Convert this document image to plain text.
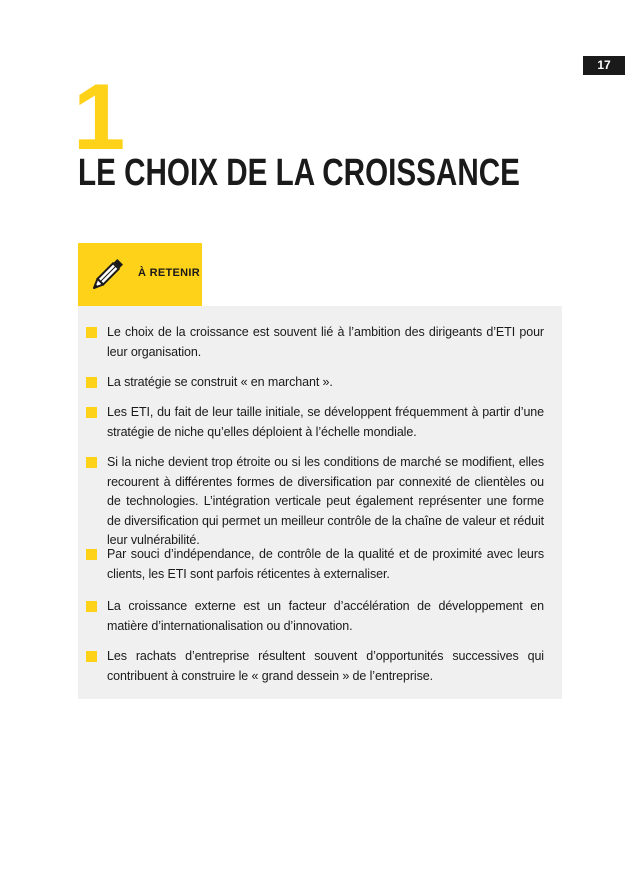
17
1
LE CHOIX DE LA CROISSANCE
À RETENIR

Le choix de la croissance est souvent lié à l’ambition des dirigeants d’ETI pour leur organisation.

La stratégie se construit « en marchant ».

Les ETI, du fait de leur taille initiale, se développent fréquemment à partir d’une stratégie de niche qu’elles déploient à l’échelle mondiale.

Si la niche devient trop étroite ou si les conditions de marché se modifient, elles recourent à différentes formes de diversification par connexité de clientèles ou de technologies. L’intégration verticale peut également représenter une forme de diversification qui permet un meilleur contrôle de la chaîne de valeur et réduit leur vulnérabilité.

Par souci d’indépendance, de contrôle de la qualité et de proximité avec leurs clients, les ETI sont parfois réticentes à externaliser.

La croissance externe est un facteur d’accélération de développement en matière d’internationalisation ou d’innovation.

Les rachats d’entreprise résultent souvent d’opportunités successives qui contribuent à construire le « grand dessein » de l’entreprise.
